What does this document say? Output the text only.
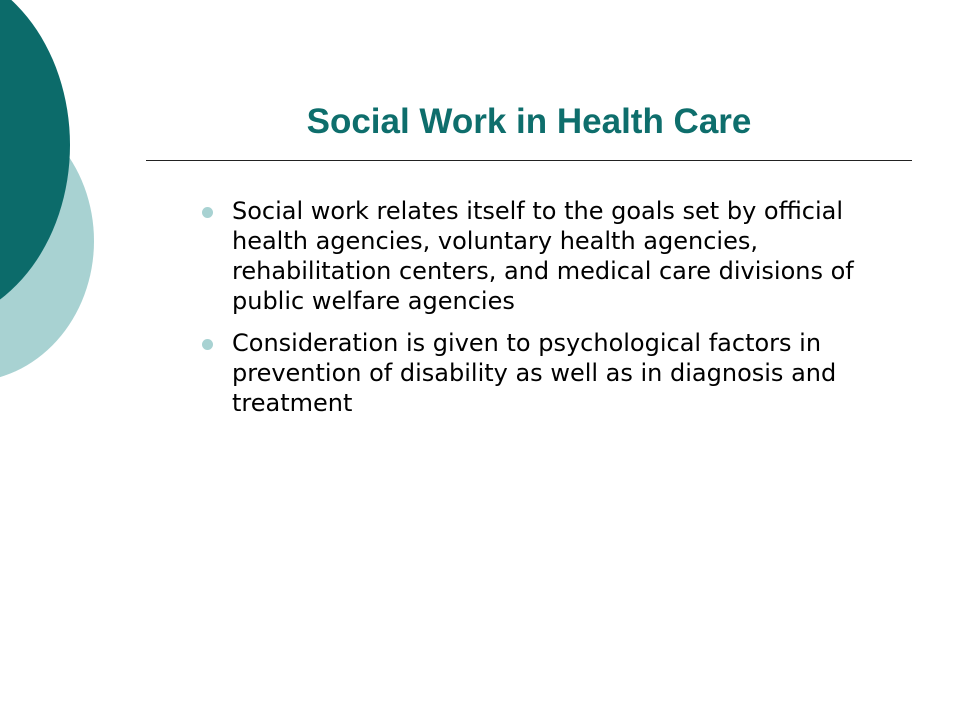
Social Work in Health Care
Social work relates itself to the goals set by official health agencies, voluntary health agencies, rehabilitation centers, and medical care divisions of public welfare agencies
Consideration is given to psychological factors in prevention of disability as well as in diagnosis and treatment
